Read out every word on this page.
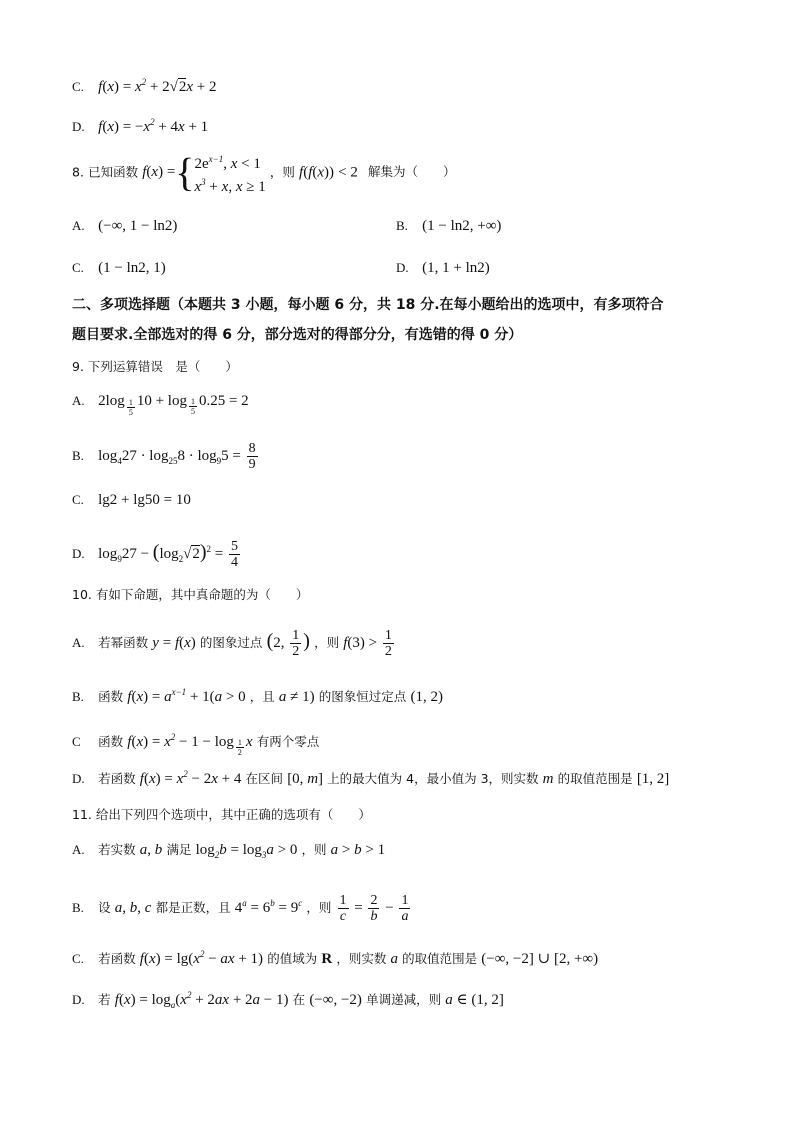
C. $f(x) = x^2 + 2√2x + 2$
D. $f(x) = -x^2 + 4x + 1$
8. 已知函数 $f(x) =\{2e^{x-1}$, x < 1
$x^3 + x$, x ≥ 1 ，则 f(f(x)) < 2 解集为（　　）
A. (−∞, 1 − ln2)	B. (1 − ln2, +∞)
C. (1 − ln2, 1)	D. (1, 1 + ln2)
二、多项选择题（本题共 3 小题，每小题 6 分，共 18 分.在每小题给出的选项中，有多项符合
题目要求.全部选对的得 6 分，部分选对的得部分分，有选错的得 0 分）
9. 下列运算错误　是（　　）
A. 2log $_{\frac{1}{5}}$ 10 + log $_{\frac{1}{5}}$ 0.25 = 2
B. $\log_427 \cdot \log_{25}8 \cdot \log_95 = \frac{8}{9}$
C. lg2 + lg50 = 10
D. $\log_927 - (\log_2√2)^2 = \frac{5}{4}$
10. 有如下命题，其中真命题的为（　　）
A. 若幂函数 y = f(x) 的图象过点 (2, $\frac{1}{2}$ ) ，则 $f(3) > \frac{1}{2}$
B. 函数 $f(x) = a^{x-1} + 1(a > 0$ ，且 a ≠ 1) 的图象恒过定点 (1, 2)
C 函数 $f(x) = x^2 - 1 - \log _{\frac{1}{2}}$ x 有两个零点
D. 若函数 $f(x) = x^2 - 2x + 4$ 在区间 [0, m] 上的最大值为 4，最小值为 3，则实数 m 的取值范围是 [1, 2]
11. 给出下列四个选项中，其中正确的选项有（　　）
A. 若实数 a, b 满足 $\log_2b = \log_3a > 0$ ，则 a > b > 1
B. 设 a, b, c 都是正数，且 $4^a = 6^b = 9^c$ ，则 $\frac{1}{c} = \frac{2}{b} - \frac{1}{a}$
C. 若函数 $f(x) = \lg(x^2$ − ax + 1) 的值域为 R ，则实数 a 的取值范围是 (−∞, −2] ∪ [2, +∞)
D. 若 $f(x) = \log_a(x^2 + 2ax + 2a - 1)$ 在 (−∞, −2) 单调递减，则 a ∈ (1, 2]
